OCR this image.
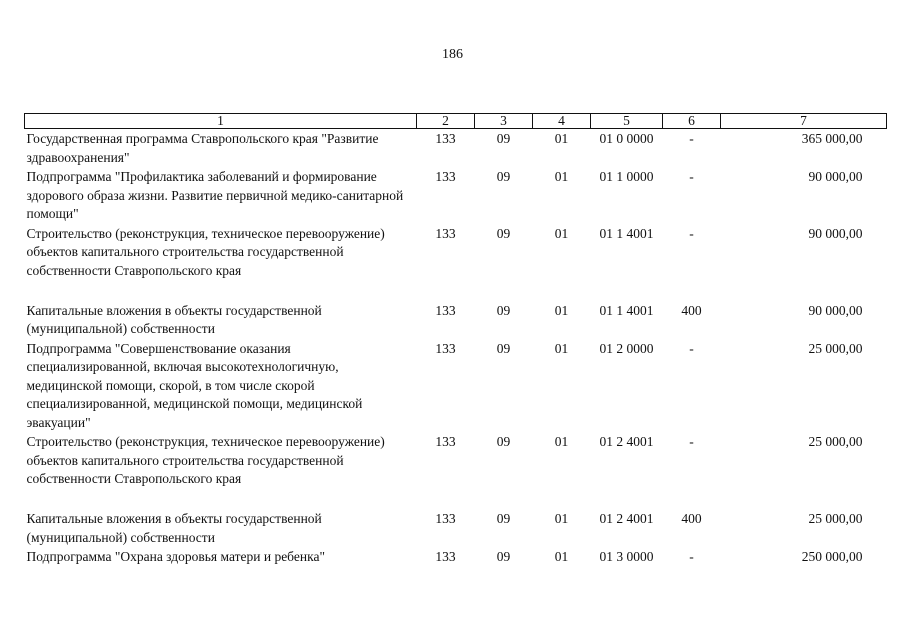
186
1	2	3	4	5	6	7
Государственная программа Ставропольского края "Развитие здравоохранения"	133	09	01	01 0 0000	-	365 000,00
Подпрограмма "Профилактика заболеваний и формирование здорового образа жизни. Развитие первичной медико-санитарной помощи"	133	09	01	01 1 0000	-	90 000,00
Строительство (реконструкция, техническое перевооружение) объектов капитального строительства государственной собственности Ставропольского края	133	09	01	01 1 4001	-	90 000,00
Капитальные вложения в объекты государственной (муниципальной) собственности	133	09	01	01 1 4001	400	90 000,00
Подпрограмма "Совершенствование оказания специализированной, включая высокотехнологичную, медицинской помощи, скорой, в том числе скорой специализированной, медицинской помощи, медицинской эвакуации"	133	09	01	01 2 0000	-	25 000,00
Строительство (реконструкция, техническое перевооружение) объектов капитального строительства государственной собственности Ставропольского края	133	09	01	01 2 4001	-	25 000,00
Капитальные вложения в объекты государственной (муниципальной) собственности	133	09	01	01 2 4001	400	25 000,00
Подпрограмма "Охрана здоровья матери и ребенка"	133	09	01	01 3 0000	-	250 000,00
